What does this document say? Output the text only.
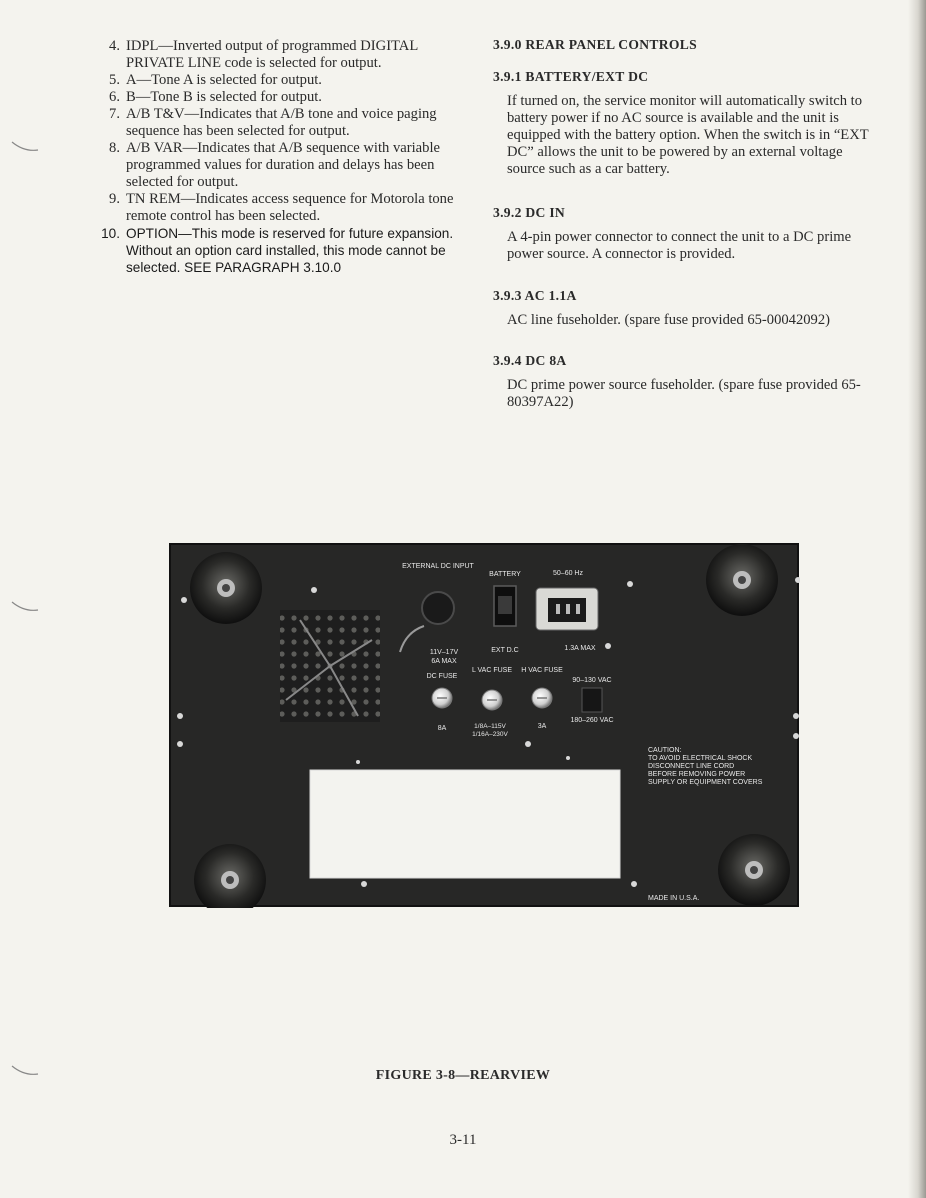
4. IDPL—Inverted output of programmed DIGITAL PRIVATE LINE code is selected for output.
5. A—Tone A is selected for output.
6. B—Tone B is selected for output.
7. A/B T&V—Indicates that A/B tone and voice paging sequence has been selected for output.
8. A/B VAR—Indicates that A/B sequence with variable programmed values for duration and delays has been selected for output.
9. TN REM—Indicates access sequence for Motorola tone remote control has been selected.
10. OPTION—This mode is reserved for future expansion. Without an option card installed, this mode cannot be selected. SEE PARAGRAPH 3.10.0

3.9.0 REAR PANEL CONTROLS

3.9.1 BATTERY/EXT DC

If turned on, the service monitor will automatically switch to battery power if no AC source is available and the unit is equipped with the battery option. When the switch is in “EXT DC” allows the unit to be powered by an external voltage source such as a car battery.

3.9.2 DC IN

A 4-pin power connector to connect the unit to a DC prime power source. A connector is provided.

3.9.3 AC 1.1A

AC line fuseholder. (spare fuse provided 65-00042092)

3.9.4 DC 8A

DC prime power source fuseholder. (spare fuse provided 65-80397A22)

EXTERNAL DC INPUT
BATTERY	50–60 Hz
EXT D.C	1.3A MAX
11V–17V
6A MAX
DC FUSE
L VAC FUSE H VAC FUSE
90–130 VAC
180–260 VAC
8A	1/8A–115V
1/16A–230V
3A
CAUTION: TO AVOID ELECTRICAL SHOCK DISCONNECT LINE CORD BEFORE REMOVING POWER SUPPLY OR EQUIPMENT COVERS
MADE IN U.S.A.
FIGURE 3-8—REARVIEW
3-11
